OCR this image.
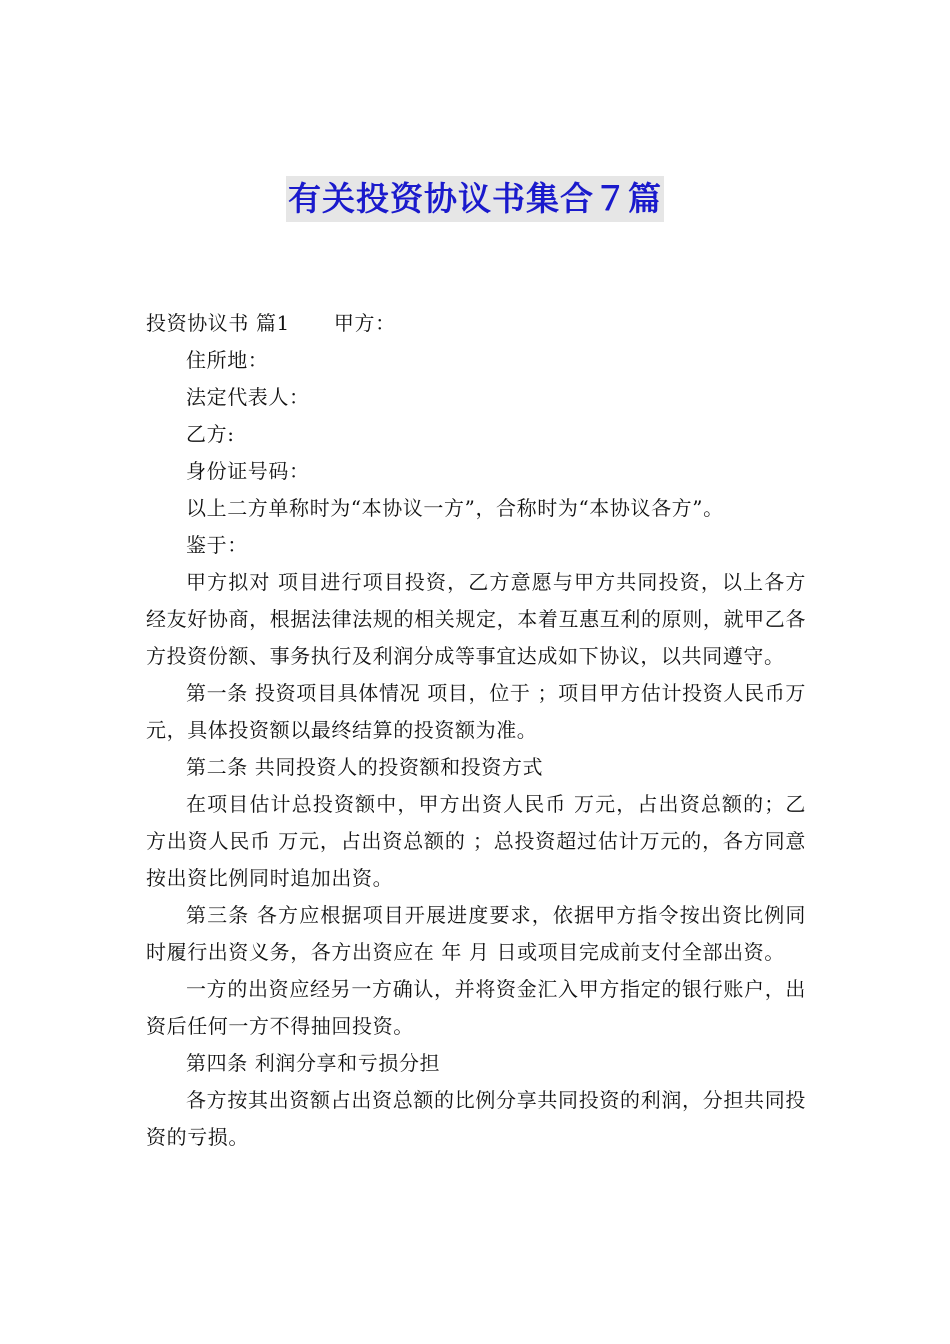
有关投资协议书集合７篇

投资协议书 篇1 甲方：

住所地：

法定代表人：

乙方:

身份证号码：

以上二方单称时为“本协议一方”，合称时为“本协议各方”。

鉴于：

甲方拟对 项目进行项目投资，乙方意愿与甲方共同投资，以上各方经友好协商，根据法律法规的相关规定，本着互惠互利的原则，就甲乙各方投资份额、事务执行及利润分成等事宜达成如下协议，以共同遵守。

第一条 投资项目具体情况 项目，位于 ；项目甲方估计投资人民币万元，具体投资额以最终结算的投资额为准。

第二条 共同投资人的投资额和投资方式

在项目估计总投资额中，甲方出资人民币 万元，占出资总额的；乙方出资人民币 万元，占出资总额的 ；总投资超过估计万元的，各方同意按出资比例同时追加出资。

第三条 各方应根据项目开展进度要求，依据甲方指令按出资比例同时履行出资义务，各方出资应在 年 月 日或项目完成前支付全部出资。

一方的出资应经另一方确认，并将资金汇入甲方指定的银行账户，出资后任何一方不得抽回投资。

第四条 利润分享和亏损分担

各方按其出资额占出资总额的比例分享共同投资的利润，分担共同投资的亏损。
